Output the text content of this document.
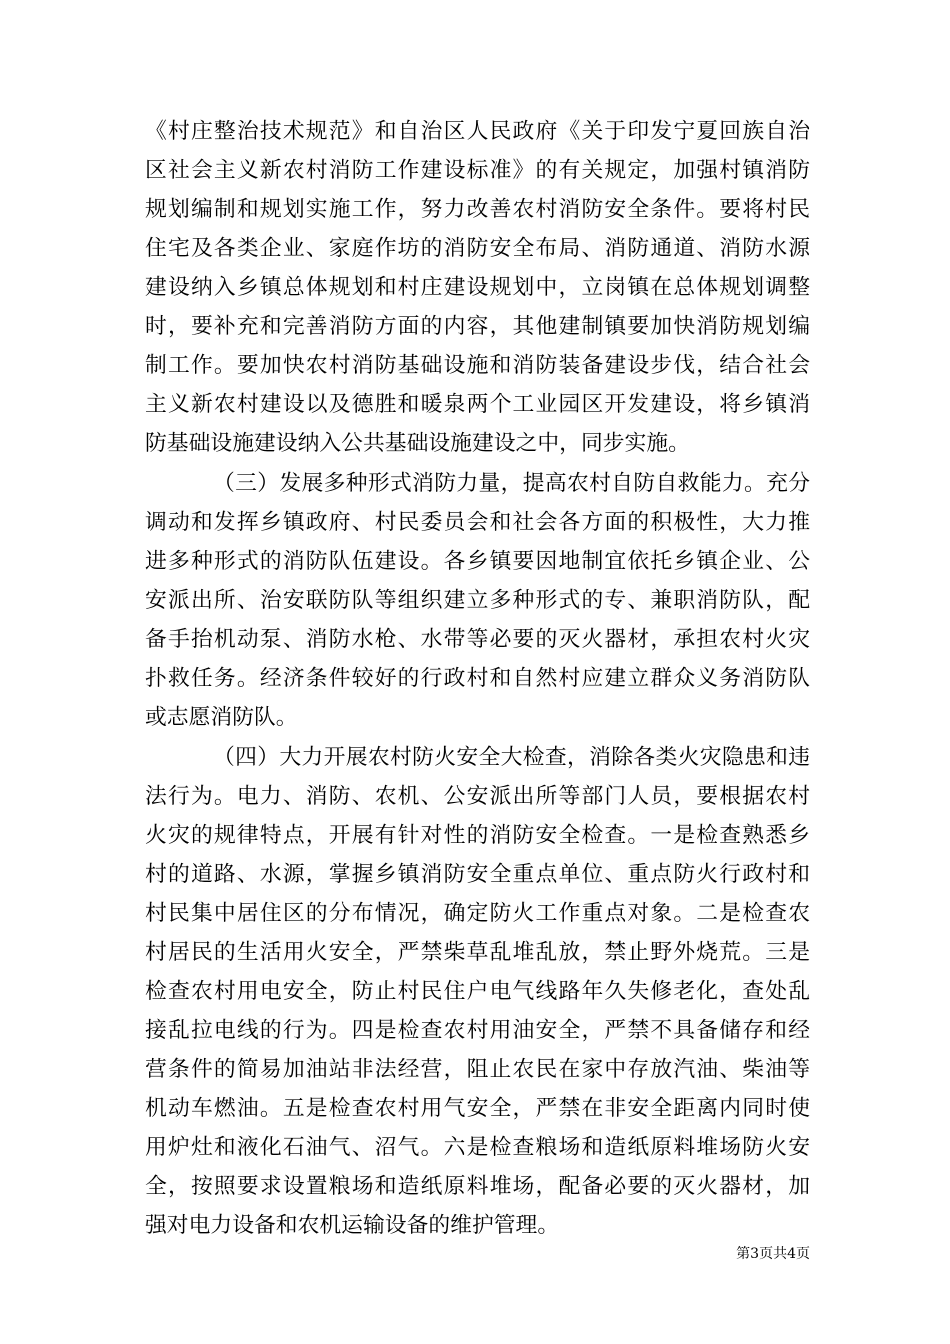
《村庄整治技术规范》和自治区人民政府《关于印发宁夏回族自治
区社会主义新农村消防工作建设标准》的有关规定，加强村镇消防
规划编制和规划实施工作，努力改善农村消防安全条件。要将村民
住宅及各类企业、家庭作坊的消防安全布局、消防通道、消防水源
建设纳入乡镇总体规划和村庄建设规划中，立岗镇在总体规划调整
时，要补充和完善消防方面的内容，其他建制镇要加快消防规划编
制工作。要加快农村消防基础设施和消防装备建设步伐，结合社会
主义新农村建设以及德胜和暖泉两个工业园区开发建设，将乡镇消
防基础设施建设纳入公共基础设施建设之中，同步实施。
（三）发展多种形式消防力量，提高农村自防自救能力。充分
调动和发挥乡镇政府、村民委员会和社会各方面的积极性，大力推
进多种形式的消防队伍建设。各乡镇要因地制宜依托乡镇企业、公
安派出所、治安联防队等组织建立多种形式的专、兼职消防队，配
备手抬机动泵、消防水枪、水带等必要的灭火器材，承担农村火灾
扑救任务。经济条件较好的行政村和自然村应建立群众义务消防队
或志愿消防队。
（四）大力开展农村防火安全大检查，消除各类火灾隐患和违
法行为。电力、消防、农机、公安派出所等部门人员，要根据农村
火灾的规律特点，开展有针对性的消防安全检查。一是检查熟悉乡
村的道路、水源，掌握乡镇消防安全重点单位、重点防火行政村和
村民集中居住区的分布情况，确定防火工作重点对象。二是检查农
村居民的生活用火安全，严禁柴草乱堆乱放，禁止野外烧荒。三是
检查农村用电安全，防止村民住户电气线路年久失修老化，查处乱
接乱拉电线的行为。四是检查农村用油安全，严禁不具备储存和经
营条件的简易加油站非法经营，阻止农民在家中存放汽油、柴油等
机动车燃油。五是检查农村用气安全，严禁在非安全距离内同时使
用炉灶和液化石油气、沼气。六是检查粮场和造纸原料堆场防火安
全，按照要求设置粮场和造纸原料堆场，配备必要的灭火器材，加
强对电力设备和农机运输设备的维护管理。
第3页共4页
